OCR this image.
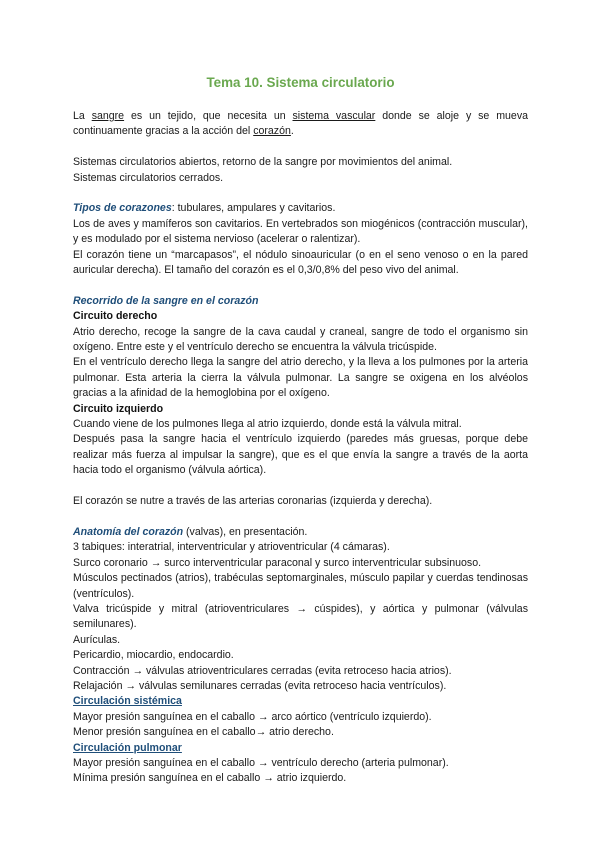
Tema 10. Sistema circulatorio

La sangre es un tejido, que necesita un sistema vascular donde se aloje y se mueva continuamente gracias a la acción del corazón.

Sistemas circulatorios abiertos, retorno de la sangre por movimientos del animal.

Sistemas circulatorios cerrados.

Tipos de corazones: tubulares, ampulares y cavitarios.

Los de aves y mamíferos son cavitarios. En vertebrados son miogénicos (contracción muscular), y es modulado por el sistema nervioso (acelerar o ralentizar).

El corazón tiene un “marcapasos”, el nódulo sinoauricular (o en el seno venoso o en la pared auricular derecha). El tamaño del corazón es el 0,3/0,8% del peso vivo del animal.

Recorrido de la sangre en el corazón

Circuito derecho

Atrio derecho, recoge la sangre de la cava caudal y craneal, sangre de todo el organismo sin oxígeno. Entre este y el ventrículo derecho se encuentra la válvula tricúspide.

En el ventrículo derecho llega la sangre del atrio derecho, y la lleva a los pulmones por la arteria pulmonar. Esta arteria la cierra la válvula pulmonar. La sangre se oxigena en los alvéolos gracias a la afinidad de la hemoglobina por el oxígeno.

Circuito izquierdo

Cuando viene de los pulmones llega al atrio izquierdo, donde está la válvula mitral.

Después pasa la sangre hacia el ventrículo izquierdo (paredes más gruesas, porque debe realizar más fuerza al impulsar la sangre), que es el que envía la sangre a través de la aorta hacia todo el organismo (válvula aórtica).

El corazón se nutre a través de las arterias coronarias (izquierda y derecha).

Anatomía del corazón (valvas), en presentación.

3 tabiques: interatrial, interventricular y atrioventricular (4 cámaras).

Surco coronario → surco interventricular paraconal y surco interventricular subsinuoso.

Músculos pectinados (atrios), trabéculas septomarginales, músculo papilar y cuerdas tendinosas (ventrículos).

Valva tricúspide y mitral (atrioventriculares → cúspides), y aórtica y pulmonar (válvulas semilunares).

Aurículas.

Pericardio, miocardio, endocardio.

Contracción → válvulas atrioventriculares cerradas (evita retroceso hacia atrios).

Relajación → válvulas semilunares cerradas (evita retroceso hacia ventrículos).

Circulación sistémica

Mayor presión sanguínea en el caballo → arco aórtico (ventrículo izquierdo).

Menor presión sanguínea en el caballo→ atrio derecho.

Circulación pulmonar

Mayor presión sanguínea en el caballo → ventrículo derecho (arteria pulmonar).

Mínima presión sanguínea en el caballo → atrio izquierdo.
